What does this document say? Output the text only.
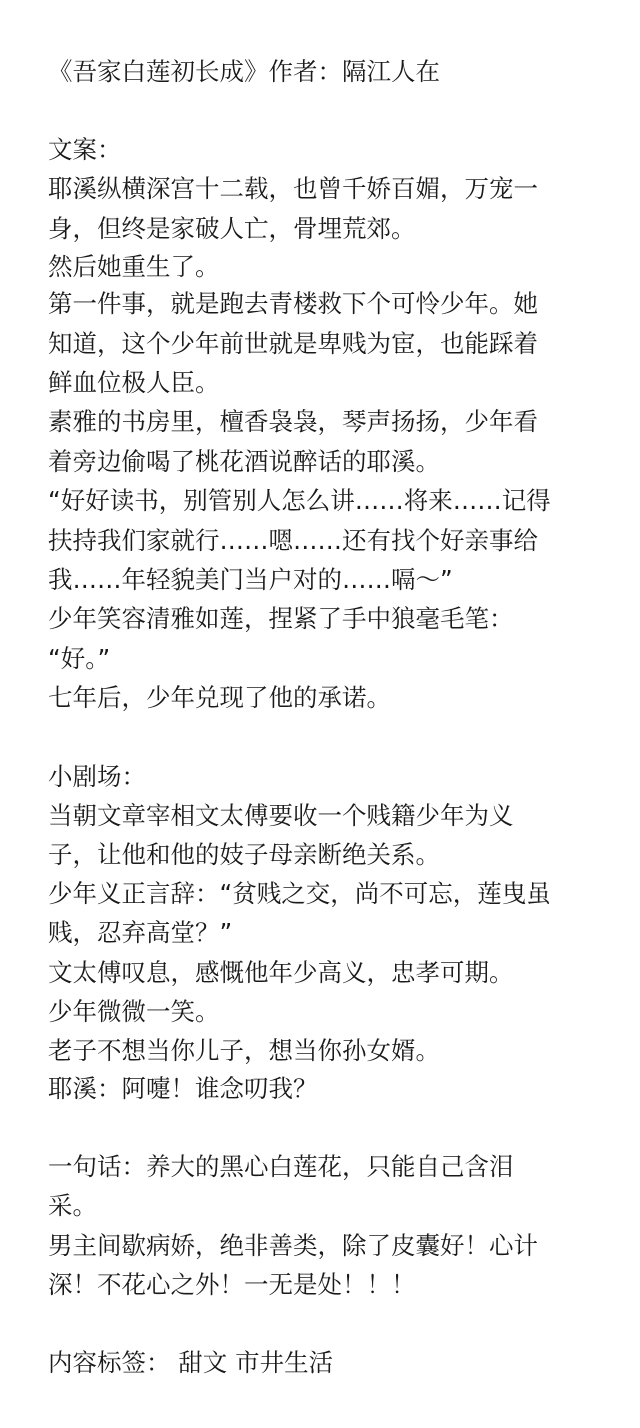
《吾家白莲初长成》作者：隔江人在

文案：

耶溪纵横深宫十二载，也曾千娇百媚，万宠一

身，但终是家破人亡，骨埋荒郊。

然后她重生了。

第一件事，就是跑去青楼救下个可怜少年。她

知道，这个少年前世就是卑贱为宦，也能踩着

鲜血位极人臣。

素雅的书房里，檀香袅袅，琴声扬扬，少年看

着旁边偷喝了桃花酒说醉话的耶溪。

“好好读书，别管别人怎么讲……将来……记得

扶持我们家就行……嗯……还有找个好亲事给

我……年轻貌美门当户对的……嗝～”

少年笑容清雅如莲，捏紧了手中狼毫毛笔：

“好。”

七年后，少年兑现了他的承诺。

小剧场：

当朝文章宰相文太傅要收一个贱籍少年为义

子，让他和他的妓子母亲断绝关系。

少年义正言辞：“贫贱之交，尚不可忘，莲曳虽

贱，忍弃高堂？”

文太傅叹息，感慨他年少高义，忠孝可期。

少年微微一笑。

老子不想当你儿子，想当你孙女婿。

耶溪：阿嚏！谁念叨我？

一句话：养大的黑心白莲花，只能自己含泪

采。

男主间歇病娇，绝非善类，除了皮囊好！心计

深！不花心之外！一无是处！！！

内容标签： 甜文 市井生活
